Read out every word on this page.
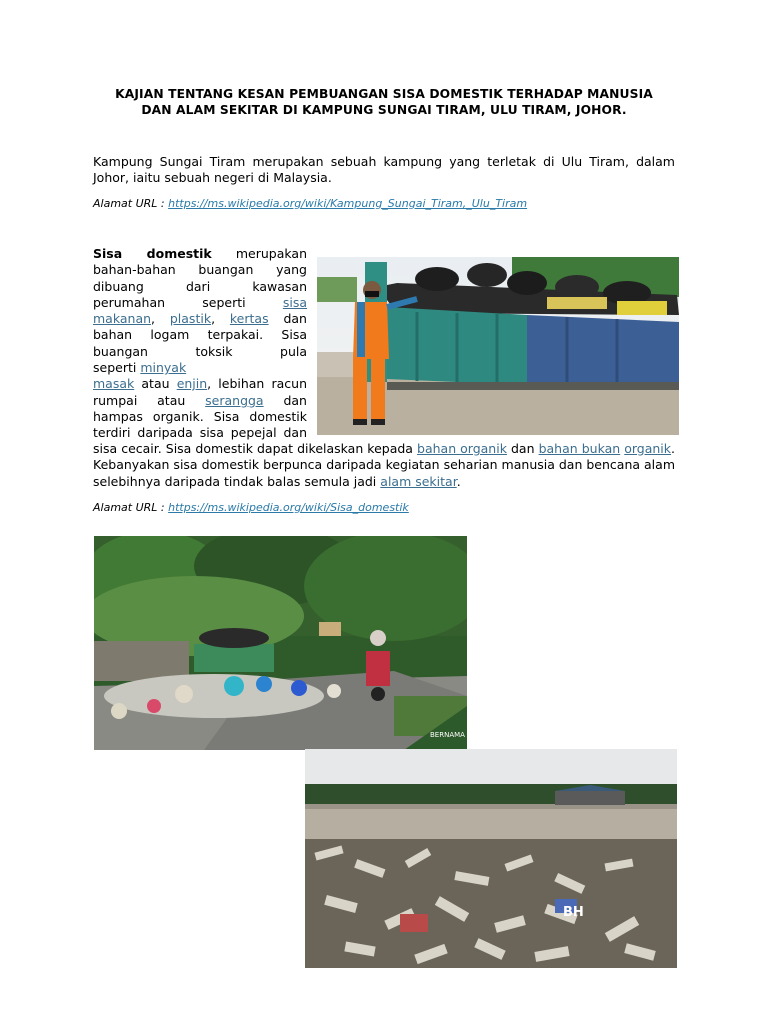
KAJIAN TENTANG KESAN PEMBUANGAN SISA DOMESTIK TERHADAP MANUSIA
DAN ALAM SEKITAR DI KAMPUNG SUNGAI TIRAM, ULU TIRAM, JOHOR.

Kampung Sungai Tiram merupakan sebuah kampung yang terletak di Ulu Tiram, dalam Johor, iaitu sebuah negeri di Malaysia.

Alamat URL : https://ms.wikipedia.org/wiki/Kampung_Sungai_Tiram,_Ulu_Tiram
Sisa domestik merupakan
bahan-bahan buangan yang
dibuang dari kawasan
perumahan seperti	sisa
makanan, plastik, kertas dan
bahan logam terpakai. Sisa
buangan toksik pula
seperti minyak
masak atau enjin, lebihan racun
rumpai atau serangga dan
hampas organik. Sisa domestik
terdiri daripada sisa pepejal dan
sisa cecair. Sisa domestik dapat dikelaskan kepada bahan organik dan bahan bukan organik. Kebanyakan sisa domestik berpunca daripada kegiatan seharian manusia dan bencana alam selebihnya daripada tindak balas semula jadi alam sekitar.
Alamat URL : https://ms.wikipedia.org/wiki/Sisa_domestik
BERNAMA
BH
